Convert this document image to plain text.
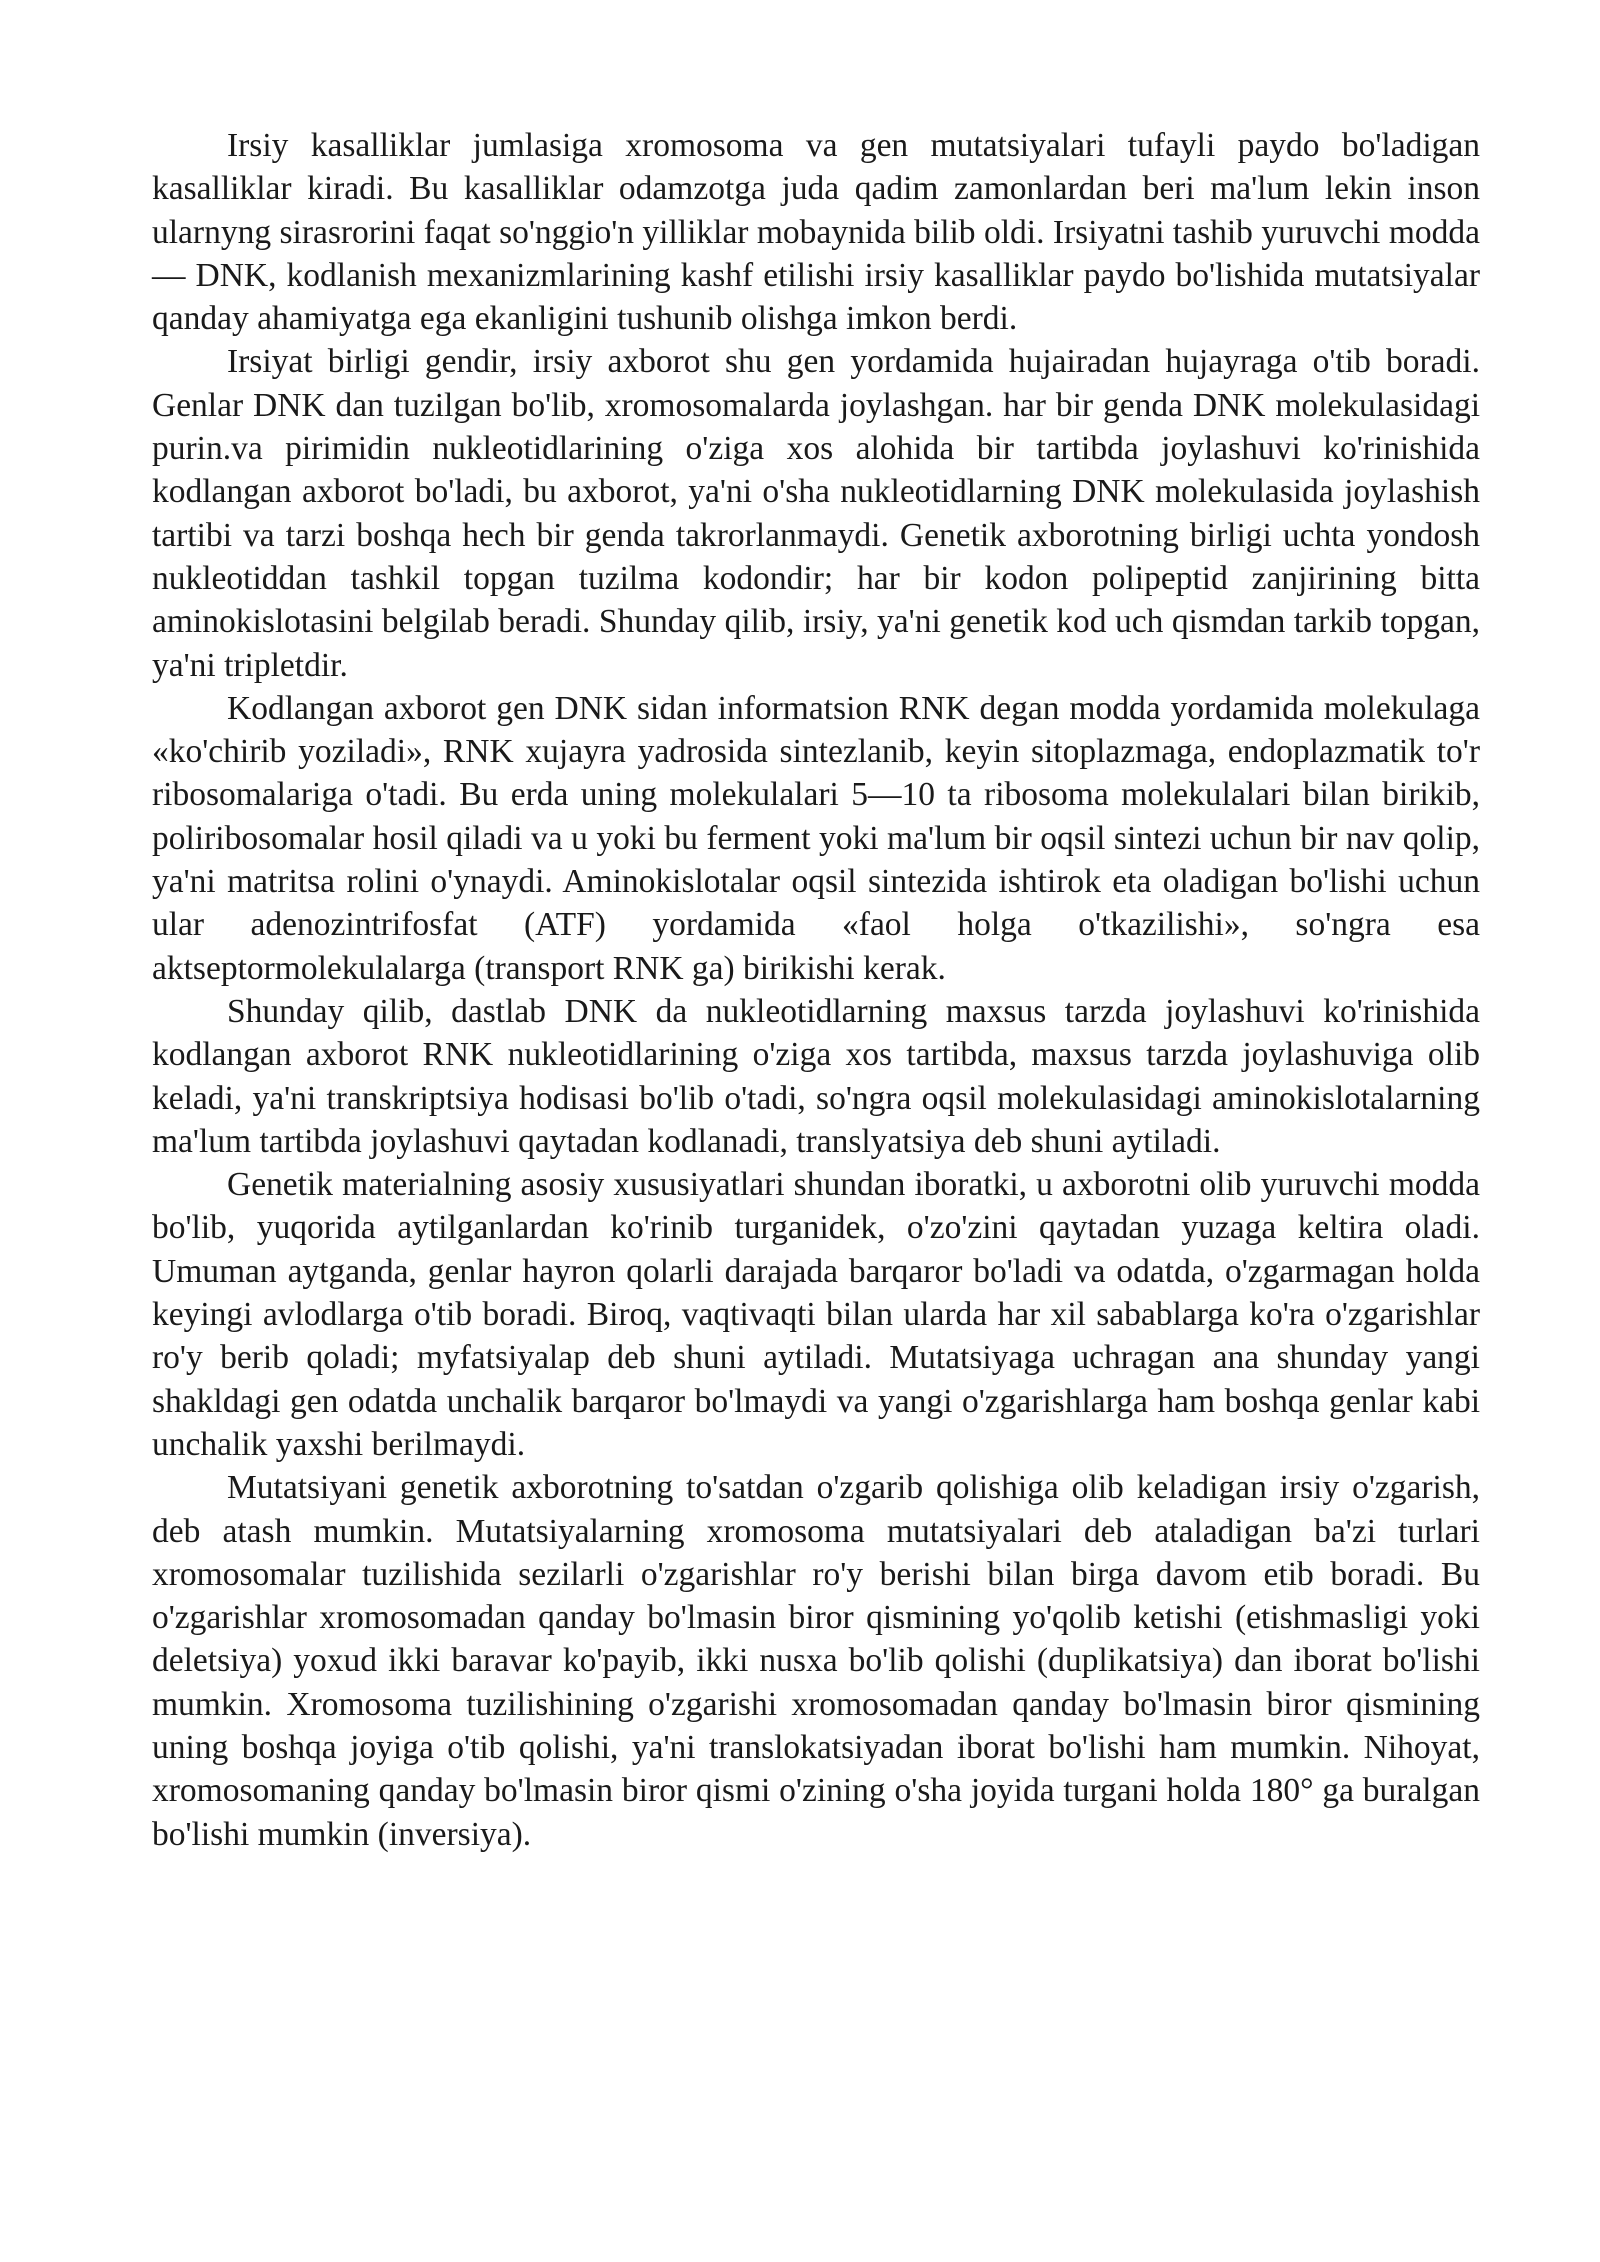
Irsiy kasalliklar jumlasiga xromosoma va gen mutatsiyalari tufayli paydo bo'ladigan kasalliklar kiradi. Bu kasalliklar odamzotga juda qadim zamonlardan beri ma'lum lekin inson ularnyng sirasrorini faqat so'nggio'n yilliklar mobaynida bilib oldi. Irsiyatni tashib yuruvchi modda — DNK, kodlanish mexanizmlarining kashf etilishi irsiy kasalliklar paydo bo'lishida mutatsiyalar qanday ahamiyatga ega ekanligini tushunib olishga imkon berdi.

Irsiyat birligi gendir, irsiy axborot shu gen yordamida hujairadan hujayraga o'tib boradi. Genlar DNK dan tuzilgan bo'lib, xromosomalarda joylashgan. har bir genda DNK molekulasidagi purin.va pirimidin nukleotidlarining o'ziga xos alohida bir tartibda joylashuvi ko'rinishida kodlangan axborot bo'ladi, bu axborot, ya'ni o'sha nukleotidlarning DNK molekulasida joylashish tartibi va tarzi boshqa hech bir genda takrorlanmaydi. Genetik axborotning birligi uchta yondosh nukleotiddan tashkil topgan tuzilma kodondir; har bir kodon polipeptid zanjirining bitta aminokislotasini belgilab beradi. Shunday qilib, irsiy, ya'ni genetik kod uch qismdan tarkib topgan, ya'ni tripletdir.

Kodlangan axborot gen DNK sidan informatsion RNK degan modda yordamida molekulaga «ko'chirib yoziladi», RNK xujayra yadrosida sintezlanib, keyin sitoplazmaga, endoplazmatik to'r ribosomalariga o'tadi. Bu erda uning molekulalari 5—10 ta ribosoma molekulalari bilan birikib, poliribosomalar hosil qiladi va u yoki bu ferment yoki ma'lum bir oqsil sintezi uchun bir nav qolip, ya'ni matritsa rolini o'ynaydi. Aminokislotalar oqsil sintezida ishtirok eta oladigan bo'lishi uchun ular adenozintrifosfat (ATF) yordamida «faol holga o'tkazilishi», so'ngra esa aktseptormolekulalarga (transport RNK ga) birikishi kerak.

Shunday qilib, dastlab DNK da nukleotidlarning maxsus tarzda joylashuvi ko'rinishida kodlangan axborot RNK nukleotidlarining o'ziga xos tartibda, maxsus tarzda joylashuviga olib keladi, ya'ni transkriptsiya hodisasi bo'lib o'tadi, so'ngra oqsil molekulasidagi aminokislotalarning ma'lum tartibda joylashuvi qaytadan kodlanadi, translyatsiya deb shuni aytiladi.

Genetik materialning asosiy xususiyatlari shundan iboratki, u axborotni olib yuruvchi modda bo'lib, yuqorida aytilganlardan ko'rinib turganidek, o'zo'zini qaytadan yuzaga keltira oladi. Umuman aytganda, genlar hayron qolarli darajada barqaror bo'ladi va odatda, o'zgarmagan holda keyingi avlodlarga o'tib boradi. Biroq, vaqtivaqti bilan ularda har xil sabablarga ko'ra o'zgarishlar ro'y berib qoladi; myfatsiyalap deb shuni aytiladi. Mutatsiyaga uchragan ana shunday yangi shakldagi gen odatda unchalik barqaror bo'lmaydi va yangi o'zgarishlarga ham boshqa genlar kabi unchalik yaxshi berilmaydi.

Mutatsiyani genetik axborotning to'satdan o'zgarib qolishiga olib keladigan irsiy o'zgarish, deb atash mumkin. Mutatsiyalarning xromosoma mutatsiyalari deb ataladigan ba'zi turlari xromosomalar tuzilishida sezilarli o'zgarishlar ro'y berishi bilan birga davom etib boradi. Bu o'zgarishlar xromosomadan qanday bo'lmasin biror qismining yo'qolib ketishi (etishmasligi yoki deletsiya) yoxud ikki baravar ko'payib, ikki nusxa bo'lib qolishi (duplikatsiya) dan iborat bo'lishi mumkin. Xromosoma tuzilishining o'zgarishi xromosomadan qanday bo'lmasin biror qismining uning boshqa joyiga o'tib qolishi, ya'ni translokatsiyadan iborat bo'lishi ham mumkin. Nihoyat, xromosomaning qanday bo'lmasin biror qismi o'zining o'sha joyida turgani holda 180° ga buralgan bo'lishi mumkin (inversiya).
